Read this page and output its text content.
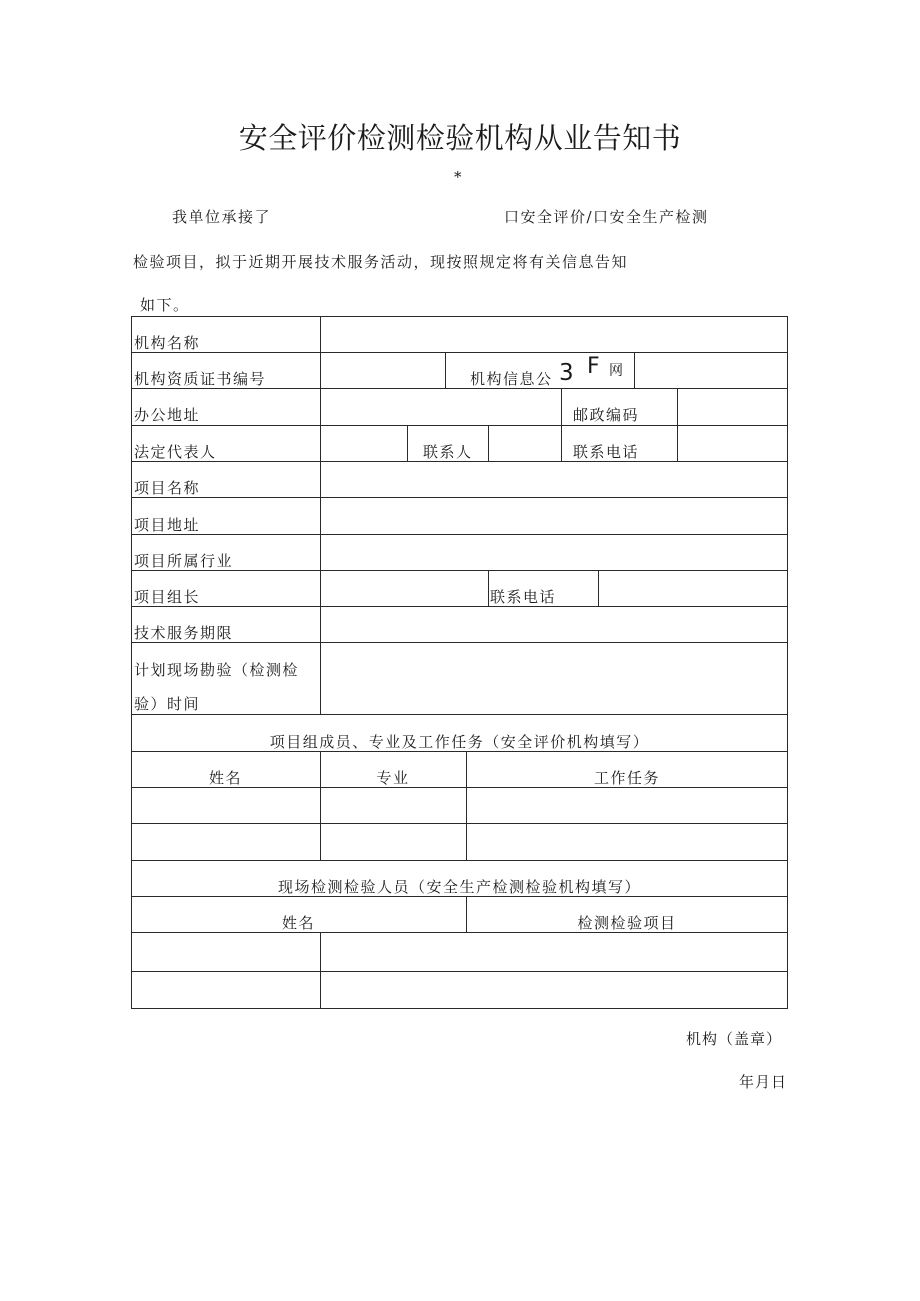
安全评价检测检验机构从业告知书
*
我单位承接了	口安全评价/口安全生产检测
检验项目，拟于近期开展技术服务活动，现按照规定将有关信息告知
如下。
机构名称
机构资质证书编号	机构信息公 3 F 网
办公地址	邮政编码
法定代表人	联系人	联系电话
项目名称
项目地址
项目所属行业
项目组长	联系电话
技术服务期限
计划现场勘验（检测检
验）时间
项目组成员、专业及工作任务（安全评价机构填写）
姓名	专业	工作任务
现场检测检验人员（安全生产检测检验机构填写）
姓名	检测检验项目
机构（盖章）
年月日
